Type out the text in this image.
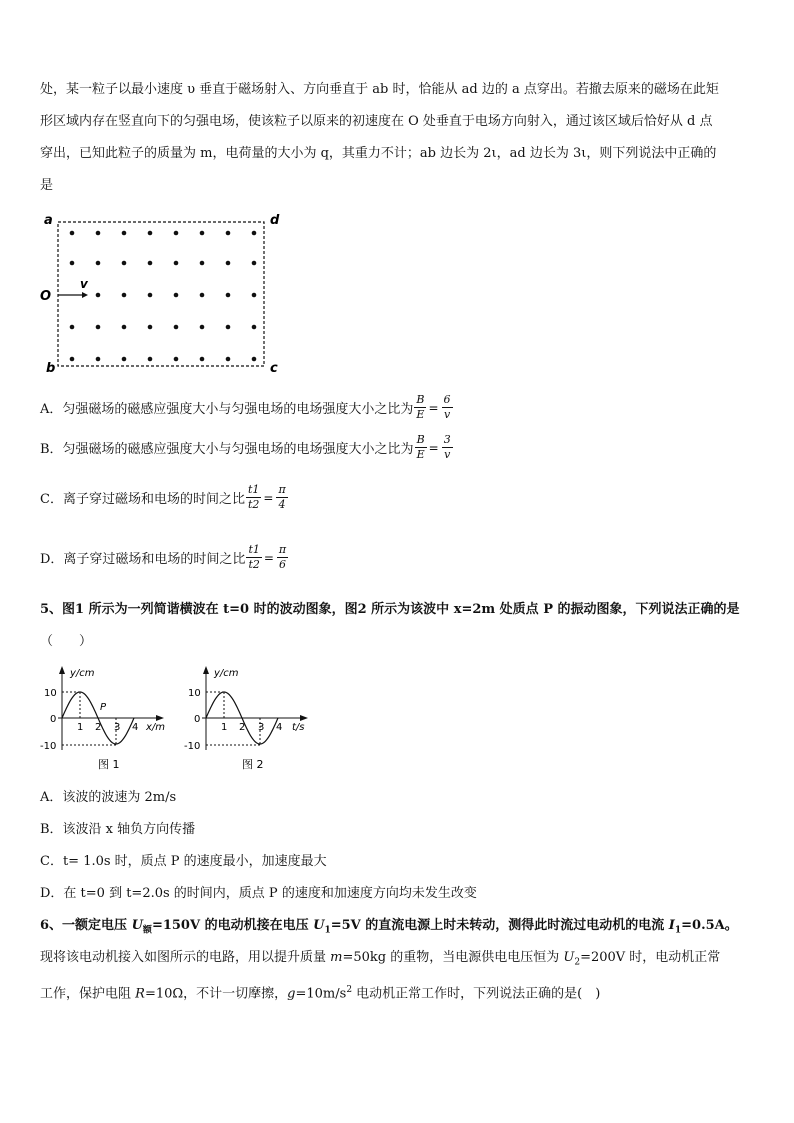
处，某一粒子以最小速度 υ 垂直于磁场射入、方向垂直于 ab 时，恰能从 ad 边的 a 点穿出。若撤去原来的磁场在此矩
形区域内存在竖直向下的匀强电场，使该粒子以原来的初速度在 O 处垂直于电场方向射入，通过该区域后恰好从 d 点
穿出，已知此粒子的质量为 m，电荷量的大小为 q，其重力不计；ab 边长为 2ι，ad 边长为 3ι，则下列说法中正确的
是
a	d
b	c
O
v
A．匀强磁场的磁感应强度大小与匀强电场的电场强度大小之比为 $\frac{B}{E} = \frac{6}{v}$
B．匀强磁场的磁感应强度大小与匀强电场的电场强度大小之比为 $\frac{B}{E} = \frac{3}{v}$
C．离子穿过磁场和电场的时间之比 $\frac{t1}{t2} = \frac{\pi}{4}$
D．离子穿过磁场和电场的时间之比 $\frac{t1}{t2} = \frac{\pi}{6}$
5、图1 所示为一列简谐横波在 t=0 时的波动图象，图2 所示为该波中 x=2m 处质点 P 的振动图象，下列说法正确的是
（　　）
y/cm
10
0
-10
1 2 3 4 x/m
P
图 1
y/cm
10
0
-10
1 2 3 4 t/s
图 2
A．该波的波速为 2m/s
B．该波沿 x 轴负方向传播
C．t= 1.0s 时，质点 P 的速度最小，加速度最大
D．在 t=0 到 t=2.0s 的时间内，质点 P 的速度和加速度方向均未发生改变
6、一额定电压 $U_额=150V$ 的电动机接在电压 $U_1=5V$ 的直流电源上时未转动，测得此时流过电动机的电流 $I_1=0.5A$。
现将该电动机接入如图所示的电路，用以提升质量 m=50kg 的重物，当电源供电电压恒为 $U_2=200V$ 时，电动机正常
工作，保护电阻 R=10Ω，不计一切摩擦，$g=10m/s^2$ 电动机正常工作时，下列说法正确的是(　)
